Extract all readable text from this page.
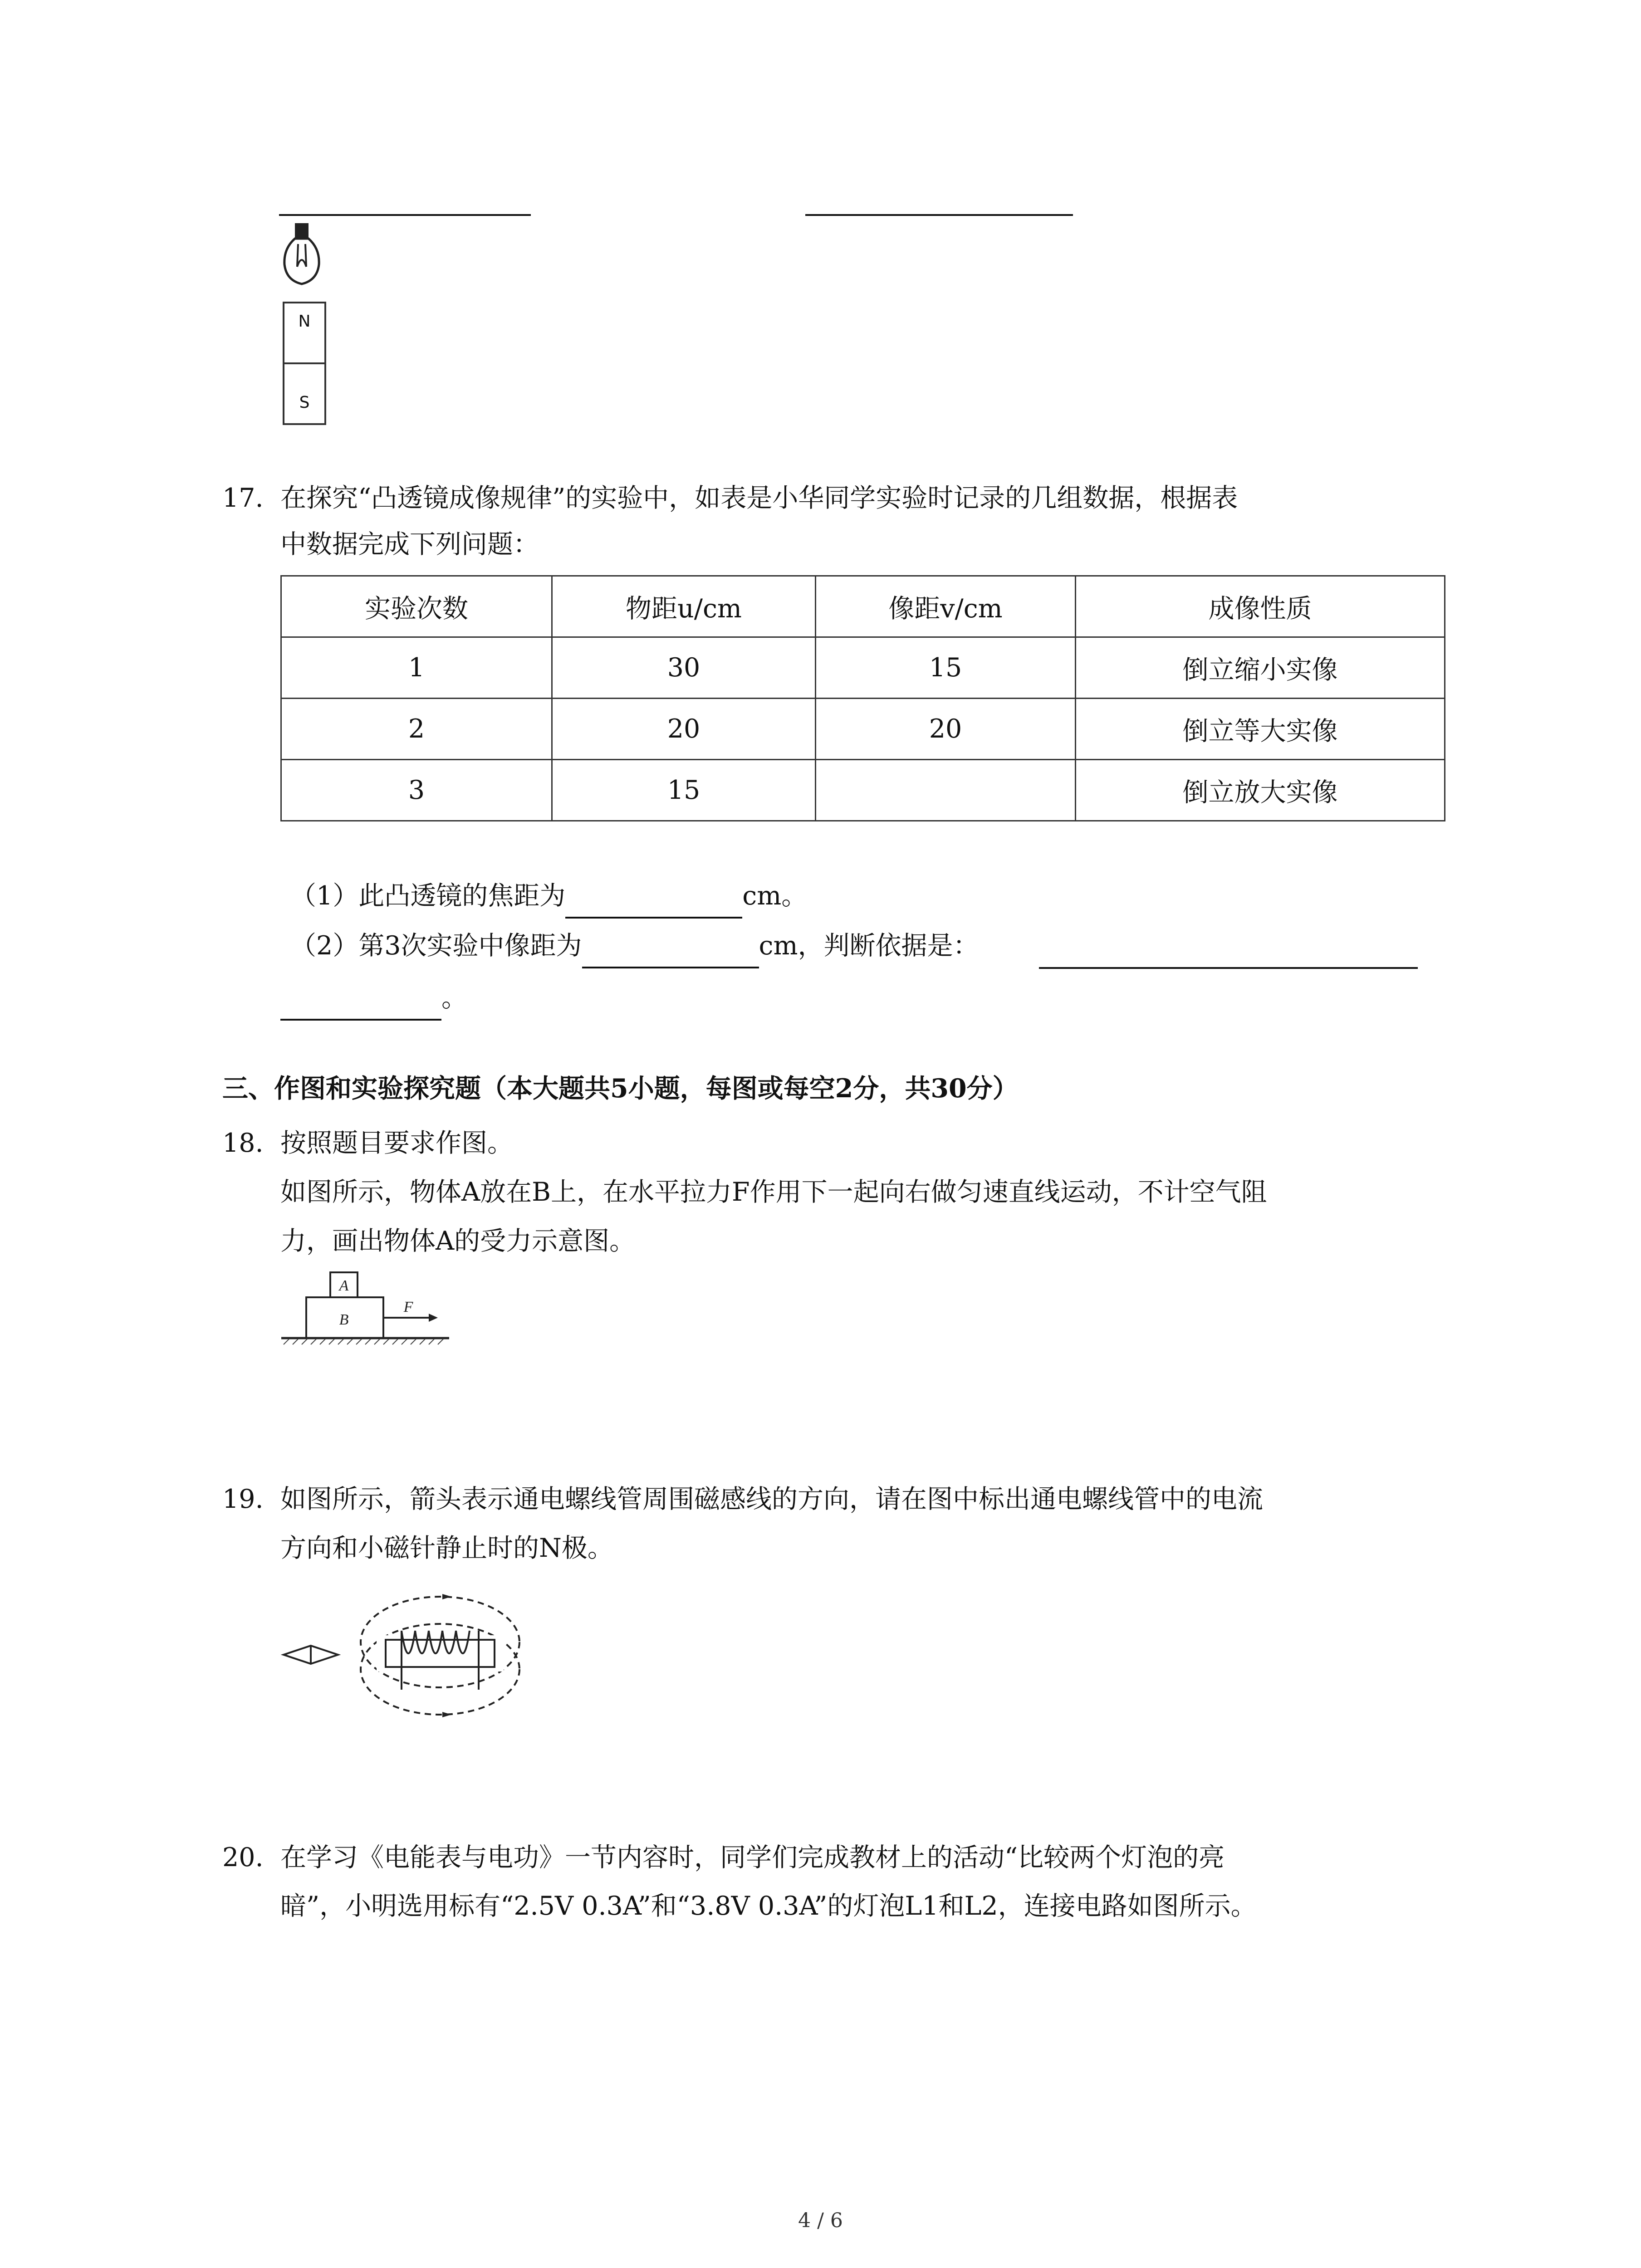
N
S
17. 在探究“凸透镜成像规律”的实验中，如表是小华同学实验时记录的几组数据，根据表
中数据完成下列问题：
实验次数	物距u/cm	像距v/cm	成像性质
1	30	15	倒立缩小实像
2	20	20	倒立等大实像
3	15		倒立放大实像
（1）此凸透镜的焦距为	cm。
（2）第3次实验中像距为	cm，判断依据是：
。
三、作图和实验探究题（本大题共5小题，每图或每空2分，共30分）
18. 按照题目要求作图。
如图所示，物体A放在B上，在水平拉力F作用下一起向右做匀速直线运动，不计空气阻
力，画出物体A的受力示意图。
A
B
F
19. 如图所示，箭头表示通电螺线管周围磁感线的方向，请在图中标出通电螺线管中的电流
方向和小磁针静止时的N极。
20. 在学习《电能表与电功》一节内容时，同学们完成教材上的活动“比较两个灯泡的亮
暗”，小明选用标有“2.5V 0.3A”和“3.8V 0.3A”的灯泡L1和L2，连接电路如图所示。
4 / 6
